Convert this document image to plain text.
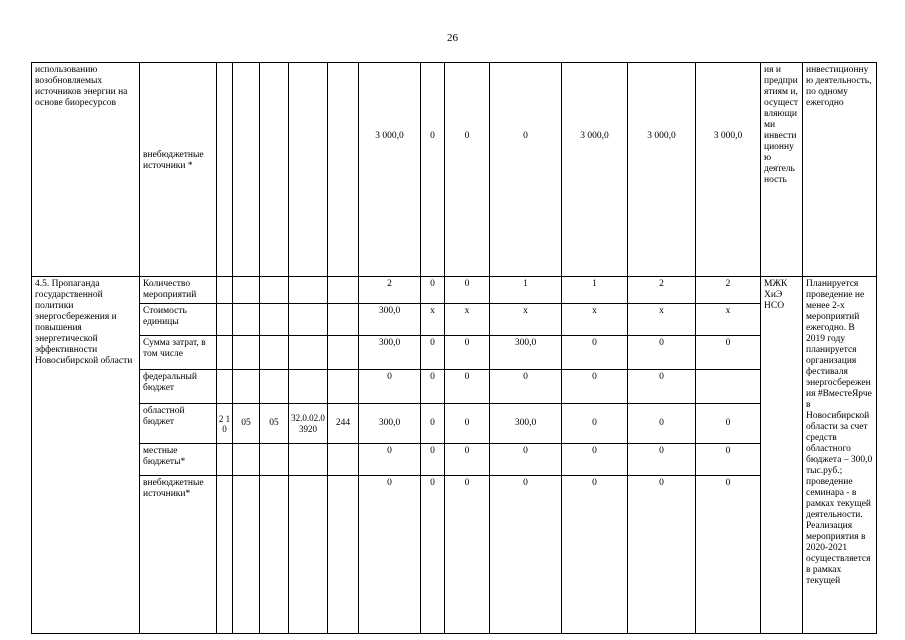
26
использованию возобновляемых источников энергии на основе биоресурсов	внебюджетные источники *						3 000,0	0	0	0	3 000,0	3 000,0	3 000,0	ия и предприятиям и, осуществляющими инвестиционную деятельность	инвестиционную деятельность, по одному ежегодно
4.5. Пропаганда государственной политики энергосбережения и повышения энергетической эффективности Новосибирской области	Количество мероприятий						2	0	0	1	1	2	2	МЖК ХиЭ НСО	Планируется проведение не менее 2-х мероприятий ежегодно. В 2019 году планируется организация фестиваля энергосбережения #ВместеЯрче в Новосибирской области за счет средств областного бюджета – 300,0 тыс.руб.; проведение семинара - в рамках текущей деятельности. Реализация мероприятия в 2020-2021 осуществляется в рамках текущей
	Стоимость единицы						300,0	х	х	х	х	х	х		
	Сумма затрат, в том числе						300,0	0	0	300,0	0	0	0		
	федеральный бюджет						0	0	0	0	0	0			
	областной бюджет	2 1 0	05	05	32.0.02.03920	244	300,0	0	0	300,0	0	0	0		
	местные бюджеты*						0	0	0	0	0	0	0		
	внебюджетные источники*						0	0	0	0	0	0	0		
